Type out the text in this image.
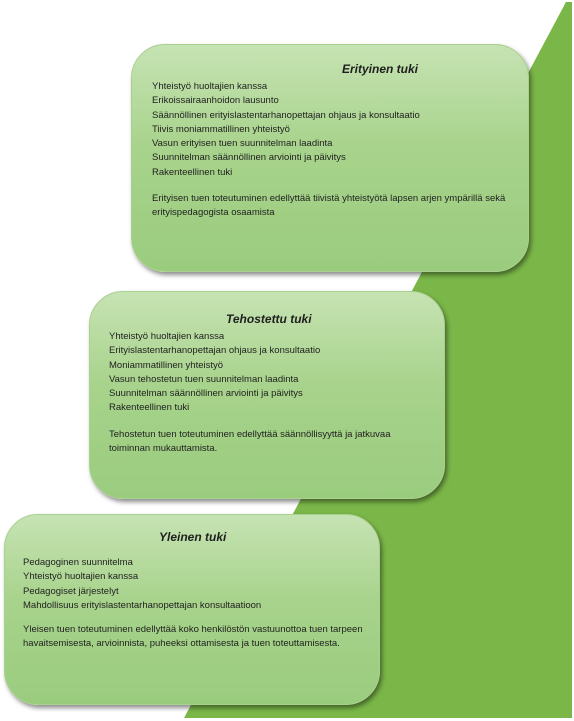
Erityinen tuki
Yhteistyö huoltajien kanssa
Erikoissairaanhoidon lausunto
Säännöllinen erityislastentarhanopettajan ohjaus ja konsultaatio
Tiivis moniammatillinen yhteistyö
Vasun erityisen tuen suunnitelman laadinta
Suunnitelman säännöllinen arviointi ja päivitys
Rakenteellinen tuki
Erityisen tuen toteutuminen edellyttää tiivistä yhteistyötä lapsen arjen ympärillä sekä erityispedagogista osaamista
Tehostettu tuki
Yhteistyö huoltajien kanssa
Erityislastentarhanopettajan ohjaus ja konsultaatio
Moniammatillinen yhteistyö
Vasun tehostetun tuen suunnitelman laadinta
Suunnitelman säännöllinen arviointi ja päivitys
Rakenteellinen tuki
Tehostetun tuen toteutuminen edellyttää säännöllisyyttä ja jatkuvaa toiminnan mukauttamista.
Yleinen tuki
Pedagoginen suunnitelma
Yhteistyö huoltajien kanssa
Pedagogiset järjestelyt
Mahdollisuus erityislastentarhanopettajan konsultaatioon
Yleisen tuen toteutuminen edellyttää koko henkilöstön vastuunottoa tuen tarpeen havaitsemisesta, arvioinnista, puheeksi ottamisesta ja tuen toteuttamisesta.
